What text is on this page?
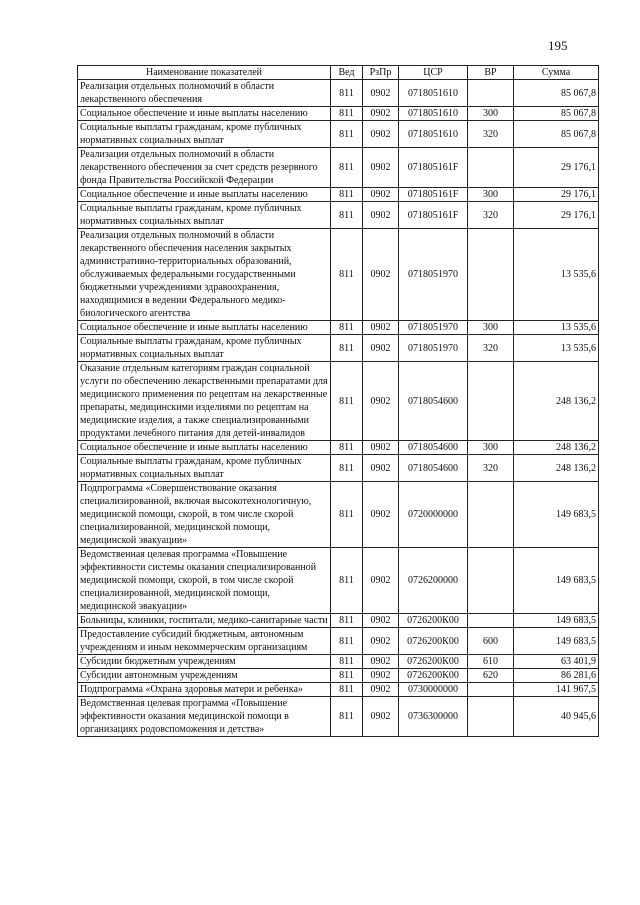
195
Наименование показателей	Вед	РзПр	ЦСР	ВР	Сумма
Реализация отдельных полномочий в области лекарственного обеспечения	811	0902	0718051610		85 067,8
Социальное обеспечение и иные выплаты населению	811	0902	0718051610	300	85 067,8
Социальные выплаты гражданам, кроме публичных нормативных социальных выплат	811	0902	0718051610	320	85 067,8
Реализация отдельных полномочий в области лекарственного обеспечения за счет средств резервного фонда Правительства Российской Федерации	811	0902	071805161F		29 176,1
Социальное обеспечение и иные выплаты населению	811	0902	071805161F	300	29 176,1
Социальные выплаты гражданам, кроме публичных нормативных социальных выплат	811	0902	071805161F	320	29 176,1
Реализация отдельных полномочий в области лекарственного обеспечения населения закрытых административно-территориальных образований, обслуживаемых федеральными государственными бюджетными учреждениями здравоохранения, находящимися в ведении Федерального медико-биологического агентства	811	0902	0718051970		13 535,6
Социальное обеспечение и иные выплаты населению	811	0902	0718051970	300	13 535,6
Социальные выплаты гражданам, кроме публичных нормативных социальных выплат	811	0902	0718051970	320	13 535,6
Оказание отдельным категориям граждан социальной услуги по обеспечению лекарственными препаратами для медицинского применения по рецептам на лекарственные препараты, медицинскими изделиями по рецептам на медицинские изделия, а также специализированными продуктами лечебного питания для детей-инвалидов	811	0902	0718054600		248 136,2
Социальное обеспечение и иные выплаты населению	811	0902	0718054600	300	248 136,2
Социальные выплаты гражданам, кроме публичных нормативных социальных выплат	811	0902	0718054600	320	248 136,2
Подпрограмма «Совершенствование оказания специализированной, включая высокотехнологичную, медицинской помощи, скорой, в том числе скорой специализированной, медицинской помощи, медицинской эвакуации»	811	0902	0720000000		149 683,5
Ведомственная целевая программа «Повышение эффективности системы оказания специализированной медицинской помощи, скорой, в том числе скорой специализированной, медицинской помощи, медицинской эвакуации»	811	0902	0726200000		149 683,5
Больницы, клиники, госпитали, медико-санитарные части	811	0902	0726200К00		149 683,5
Предоставление субсидий бюджетным, автономным учреждениям и иным некоммерческим организациям	811	0902	0726200К00	600	149 683,5
Субсидии бюджетным учреждениям	811	0902	0726200К00	610	63 401,9
Субсидии автономным учреждениям	811	0902	0726200К00	620	86 281,6
Подпрограмма «Охрана здоровья матери и ребенка»	811	0902	0730000000		141 967,5
Ведомственная целевая программа «Повышение эффективности оказания медицинской помощи в организациях родовспоможения и детства»	811	0902	0736300000		40 945,6
